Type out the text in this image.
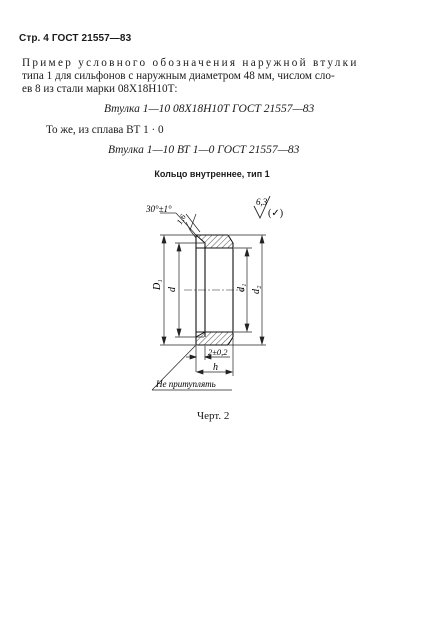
Стр. 4 ГОСТ 21557—83
Пример условного обозначения наружной втулки
типа 1 для сильфонов с наружным диаметром 48 мм, числом сло-
ев 8 из стали марки 08Х18Н10Т:
Втулка 1—10 08Х18Н10Т ГОСТ 21557—83
То же, из сплава ВТ 1 · 0
Втулка 1—10 ВТ 1—0 ГОСТ 21557—83
Кольцо внутреннее, тип 1
30°±1°
1,6
6,3
(✓)
D₁ d	d₁ d₂
2±0,2
h
Не притуплять
Черт. 2
